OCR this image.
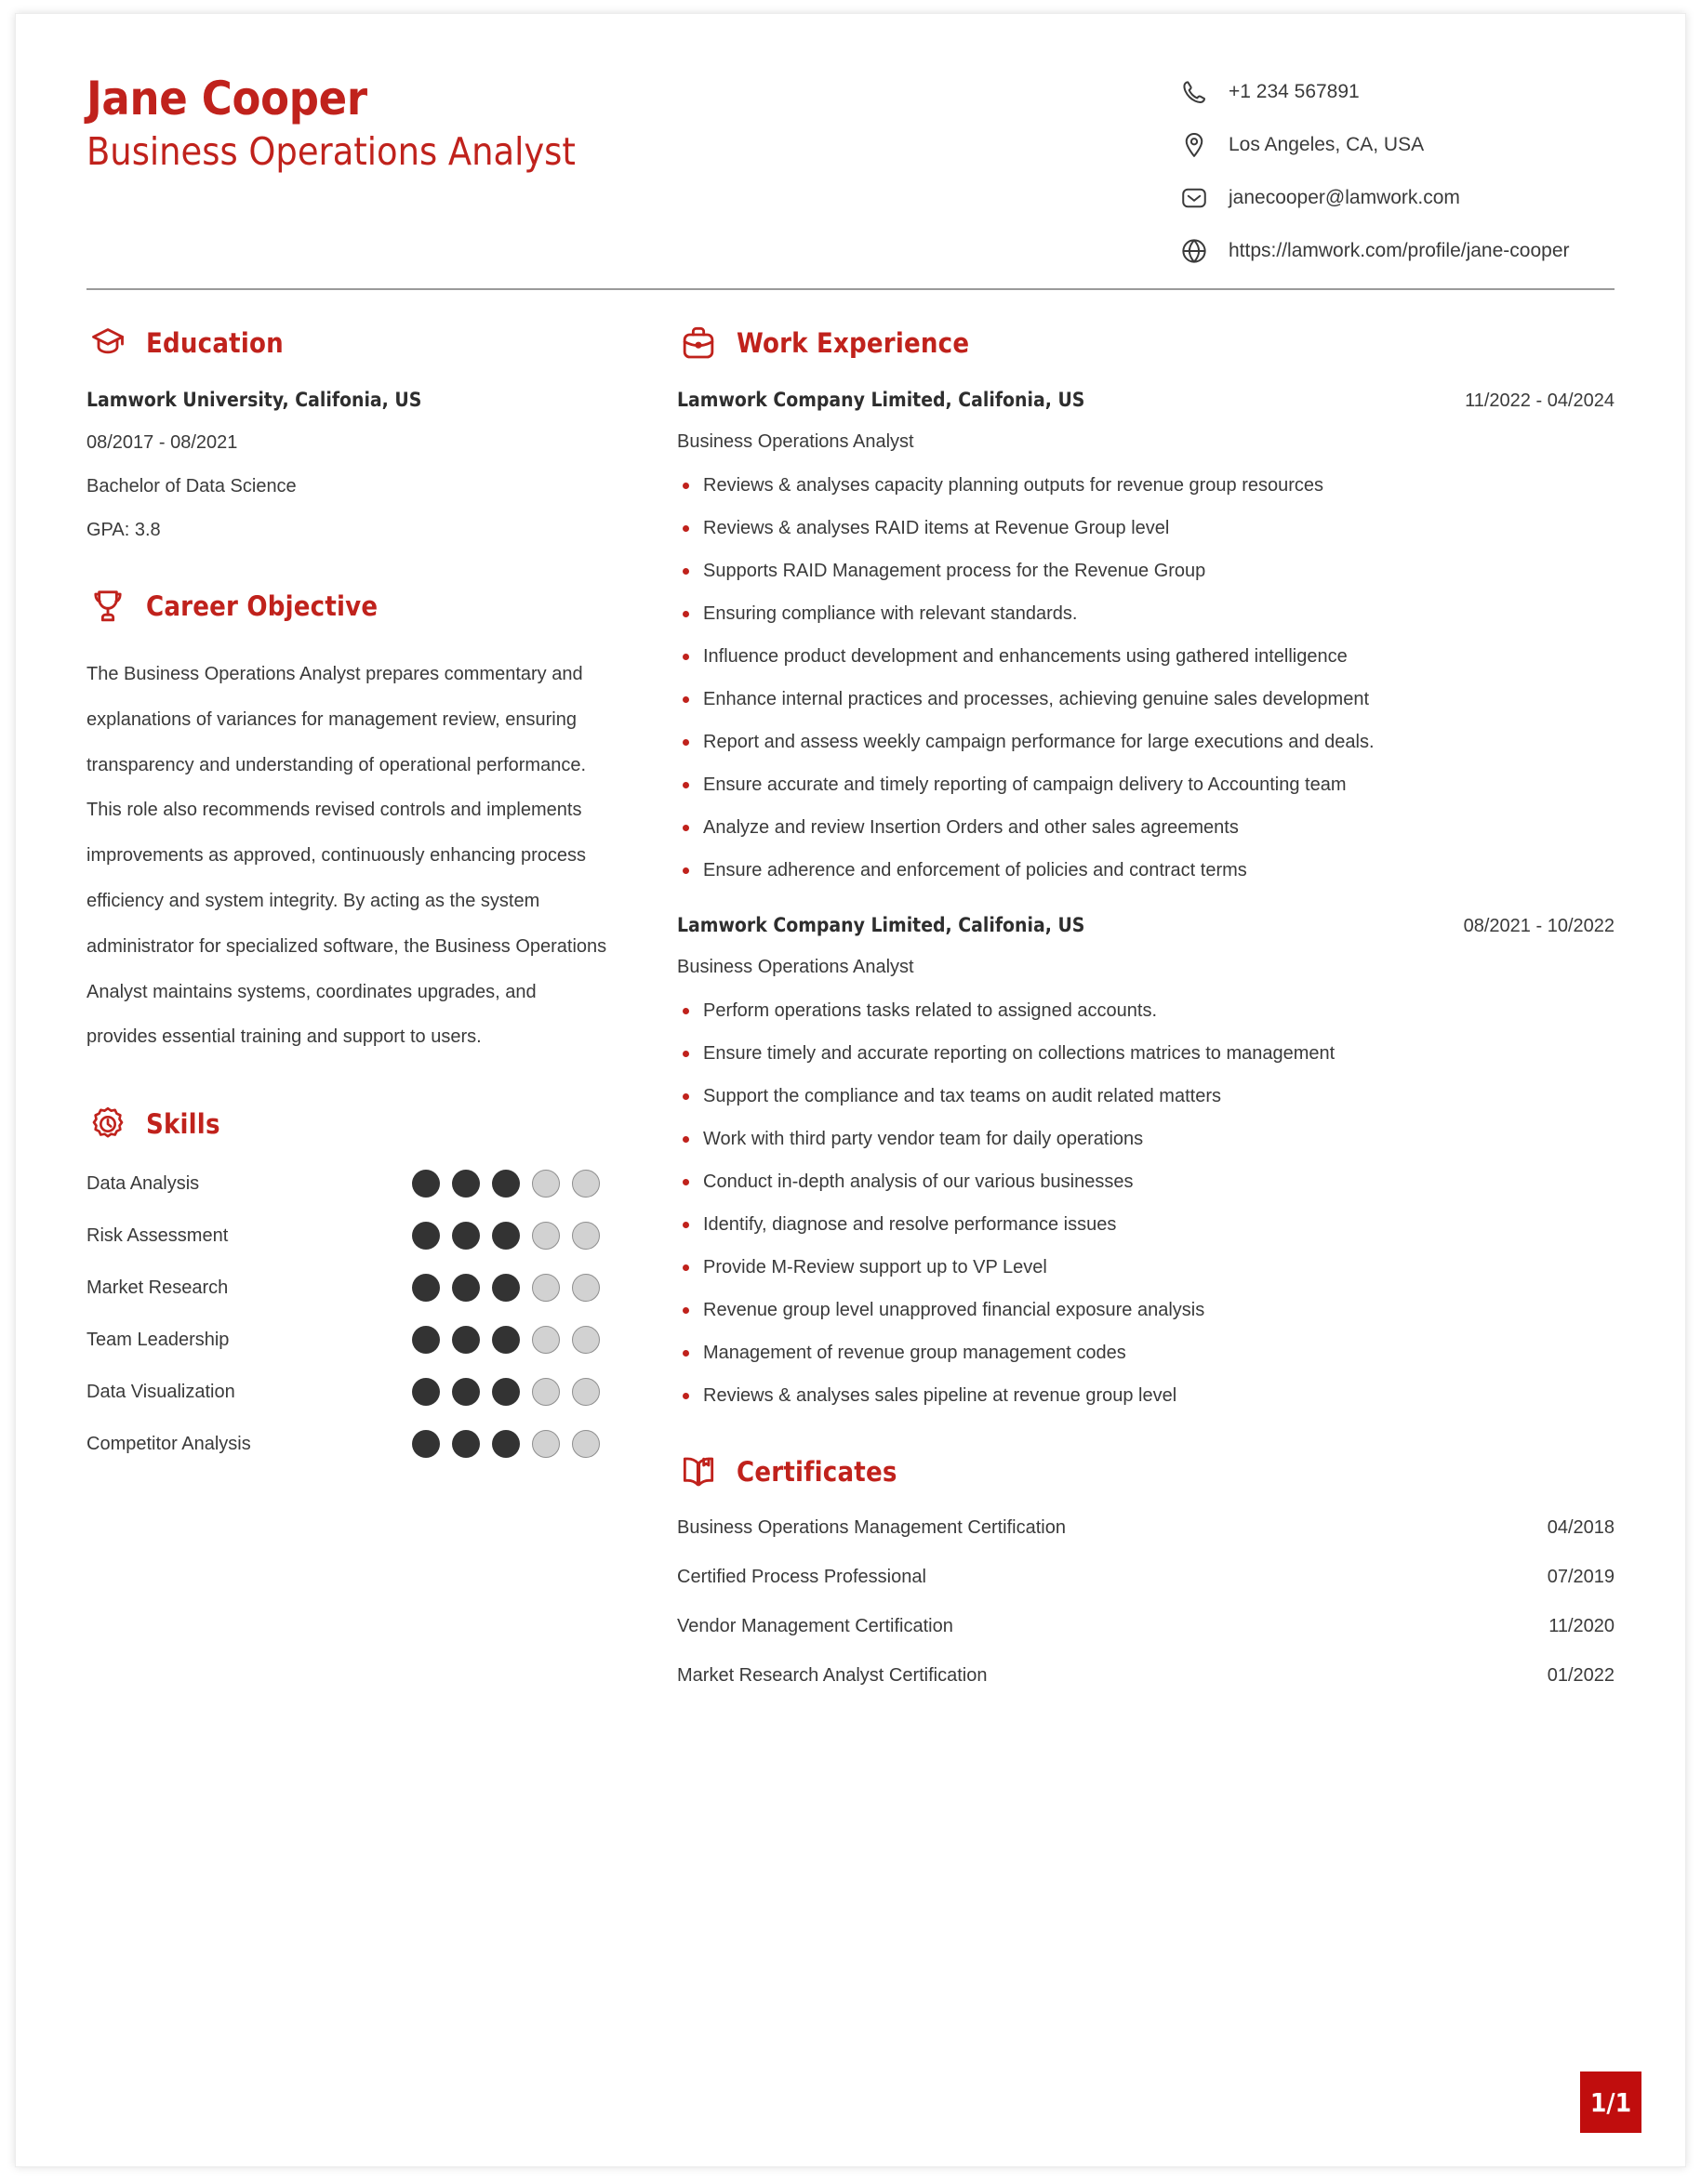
Jane Cooper
Business Operations Analyst
+1 234 567891
Los Angeles, CA, USA
janecooper@lamwork.com
https://lamwork.com/profile/jane-cooper
Education
Lamwork University, Califonia, US
08/2017 - 08/2021
Bachelor of Data Science
GPA: 3.8
Career Objective
The Business Operations Analyst prepares commentary and explanations of variances for management review, ensuring transparency and understanding of operational performance. This role also recommends revised controls and implements improvements as approved, continuously enhancing process efficiency and system integrity. By acting as the system administrator for specialized software, the Business Operations Analyst maintains systems, coordinates upgrades, and provides essential training and support to users.
Skills
Data Analysis
Risk Assessment
Market Research
Team Leadership
Data Visualization
Competitor Analysis
Work Experience
Lamwork Company Limited, Califonia, US	11/2022 - 04/2024
Business Operations Analyst
Reviews & analyses capacity planning outputs for revenue group resources
Reviews & analyses RAID items at Revenue Group level
Supports RAID Management process for the Revenue Group
Ensuring compliance with relevant standards.
Influence product development and enhancements using gathered intelligence
Enhance internal practices and processes, achieving genuine sales development
Report and assess weekly campaign performance for large executions and deals.
Ensure accurate and timely reporting of campaign delivery to Accounting team
Analyze and review Insertion Orders and other sales agreements
Ensure adherence and enforcement of policies and contract terms
Lamwork Company Limited, Califonia, US	08/2021 - 10/2022
Business Operations Analyst
Perform operations tasks related to assigned accounts.
Ensure timely and accurate reporting on collections matrices to management
Support the compliance and tax teams on audit related matters
Work with third party vendor team for daily operations
Conduct in-depth analysis of our various businesses
Identify, diagnose and resolve performance issues
Provide M-Review support up to VP Level
Revenue group level unapproved financial exposure analysis
Management of revenue group management codes
Reviews & analyses sales pipeline at revenue group level
Certificates
Business Operations Management Certification	04/2018
Certified Process Professional	07/2019
Vendor Management Certification	11/2020
Market Research Analyst Certification	01/2022
1/1
